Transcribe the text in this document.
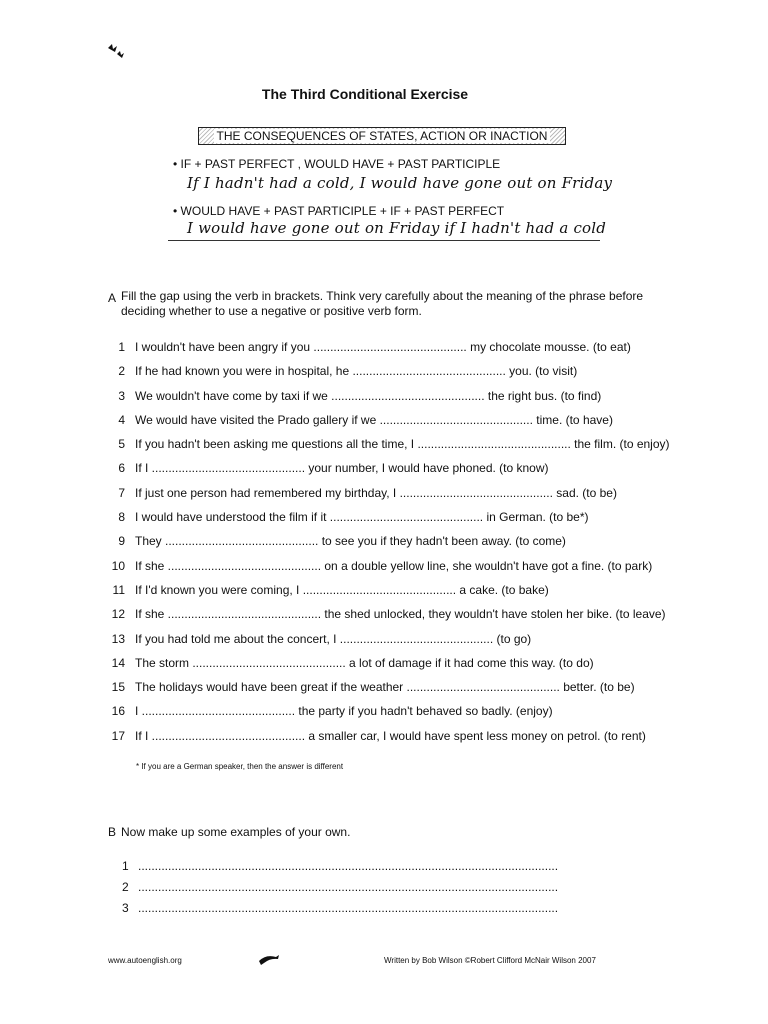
The Third Conditional Exercise
THE CONSEQUENCES OF STATES, ACTION OR INACTION
• IF + PAST PERFECT , WOULD HAVE + PAST PARTICIPLE
If I hadn't had a cold, I would have gone out on Friday
• WOULD HAVE + PAST PARTICIPLE + IF + PAST PERFECT
I would have gone out on Friday if I hadn't had a cold
A Fill the gap using the verb in brackets. Think very carefully about the meaning of the phrase before deciding whether to use a negative or positive verb form.
1 I wouldn't have been angry if you .............................................. my chocolate mousse. (to eat)
2 If he had known you were in hospital, he .............................................. you. (to visit)
3 We wouldn't have come by taxi if we .............................................. the right bus. (to find)
4 We would have visited the Prado gallery if we .............................................. time. (to have)
5 If you hadn't been asking me questions all the time, I .............................................. the film. (to enjoy)
6 If I .............................................. your number, I would have phoned. (to know)
7 If just one person had remembered my birthday, I .............................................. sad. (to be)
8 I would have understood the film if it .............................................. in German. (to be*)
9 They .............................................. to see you if they hadn't been away. (to come)
10 If she .............................................. on a double yellow line, she wouldn't have got a fine. (to park)
11 If I'd known you were coming, I .............................................. a cake. (to bake)
12 If she .............................................. the shed unlocked, they wouldn't have stolen her bike. (to leave)
13 If you had told me about the concert, I .............................................. (to go)
14 The storm .............................................. a lot of damage if it had come this way. (to do)
15 The holidays would have been great if the weather .............................................. better. (to be)
16 I .............................................. the party if you hadn't behaved so badly. (enjoy)
17 If I .............................................. a smaller car, I would have spent less money on petrol. (to rent)
* If you are a German speaker, then the answer is different
B Now make up some examples of your own.
1 ..............................................................................................................................
2 ..............................................................................................................................
3 ..............................................................................................................................
www.autoenglish.org	Written by Bob Wilson ©Robert Clifford McNair Wilson 2007
